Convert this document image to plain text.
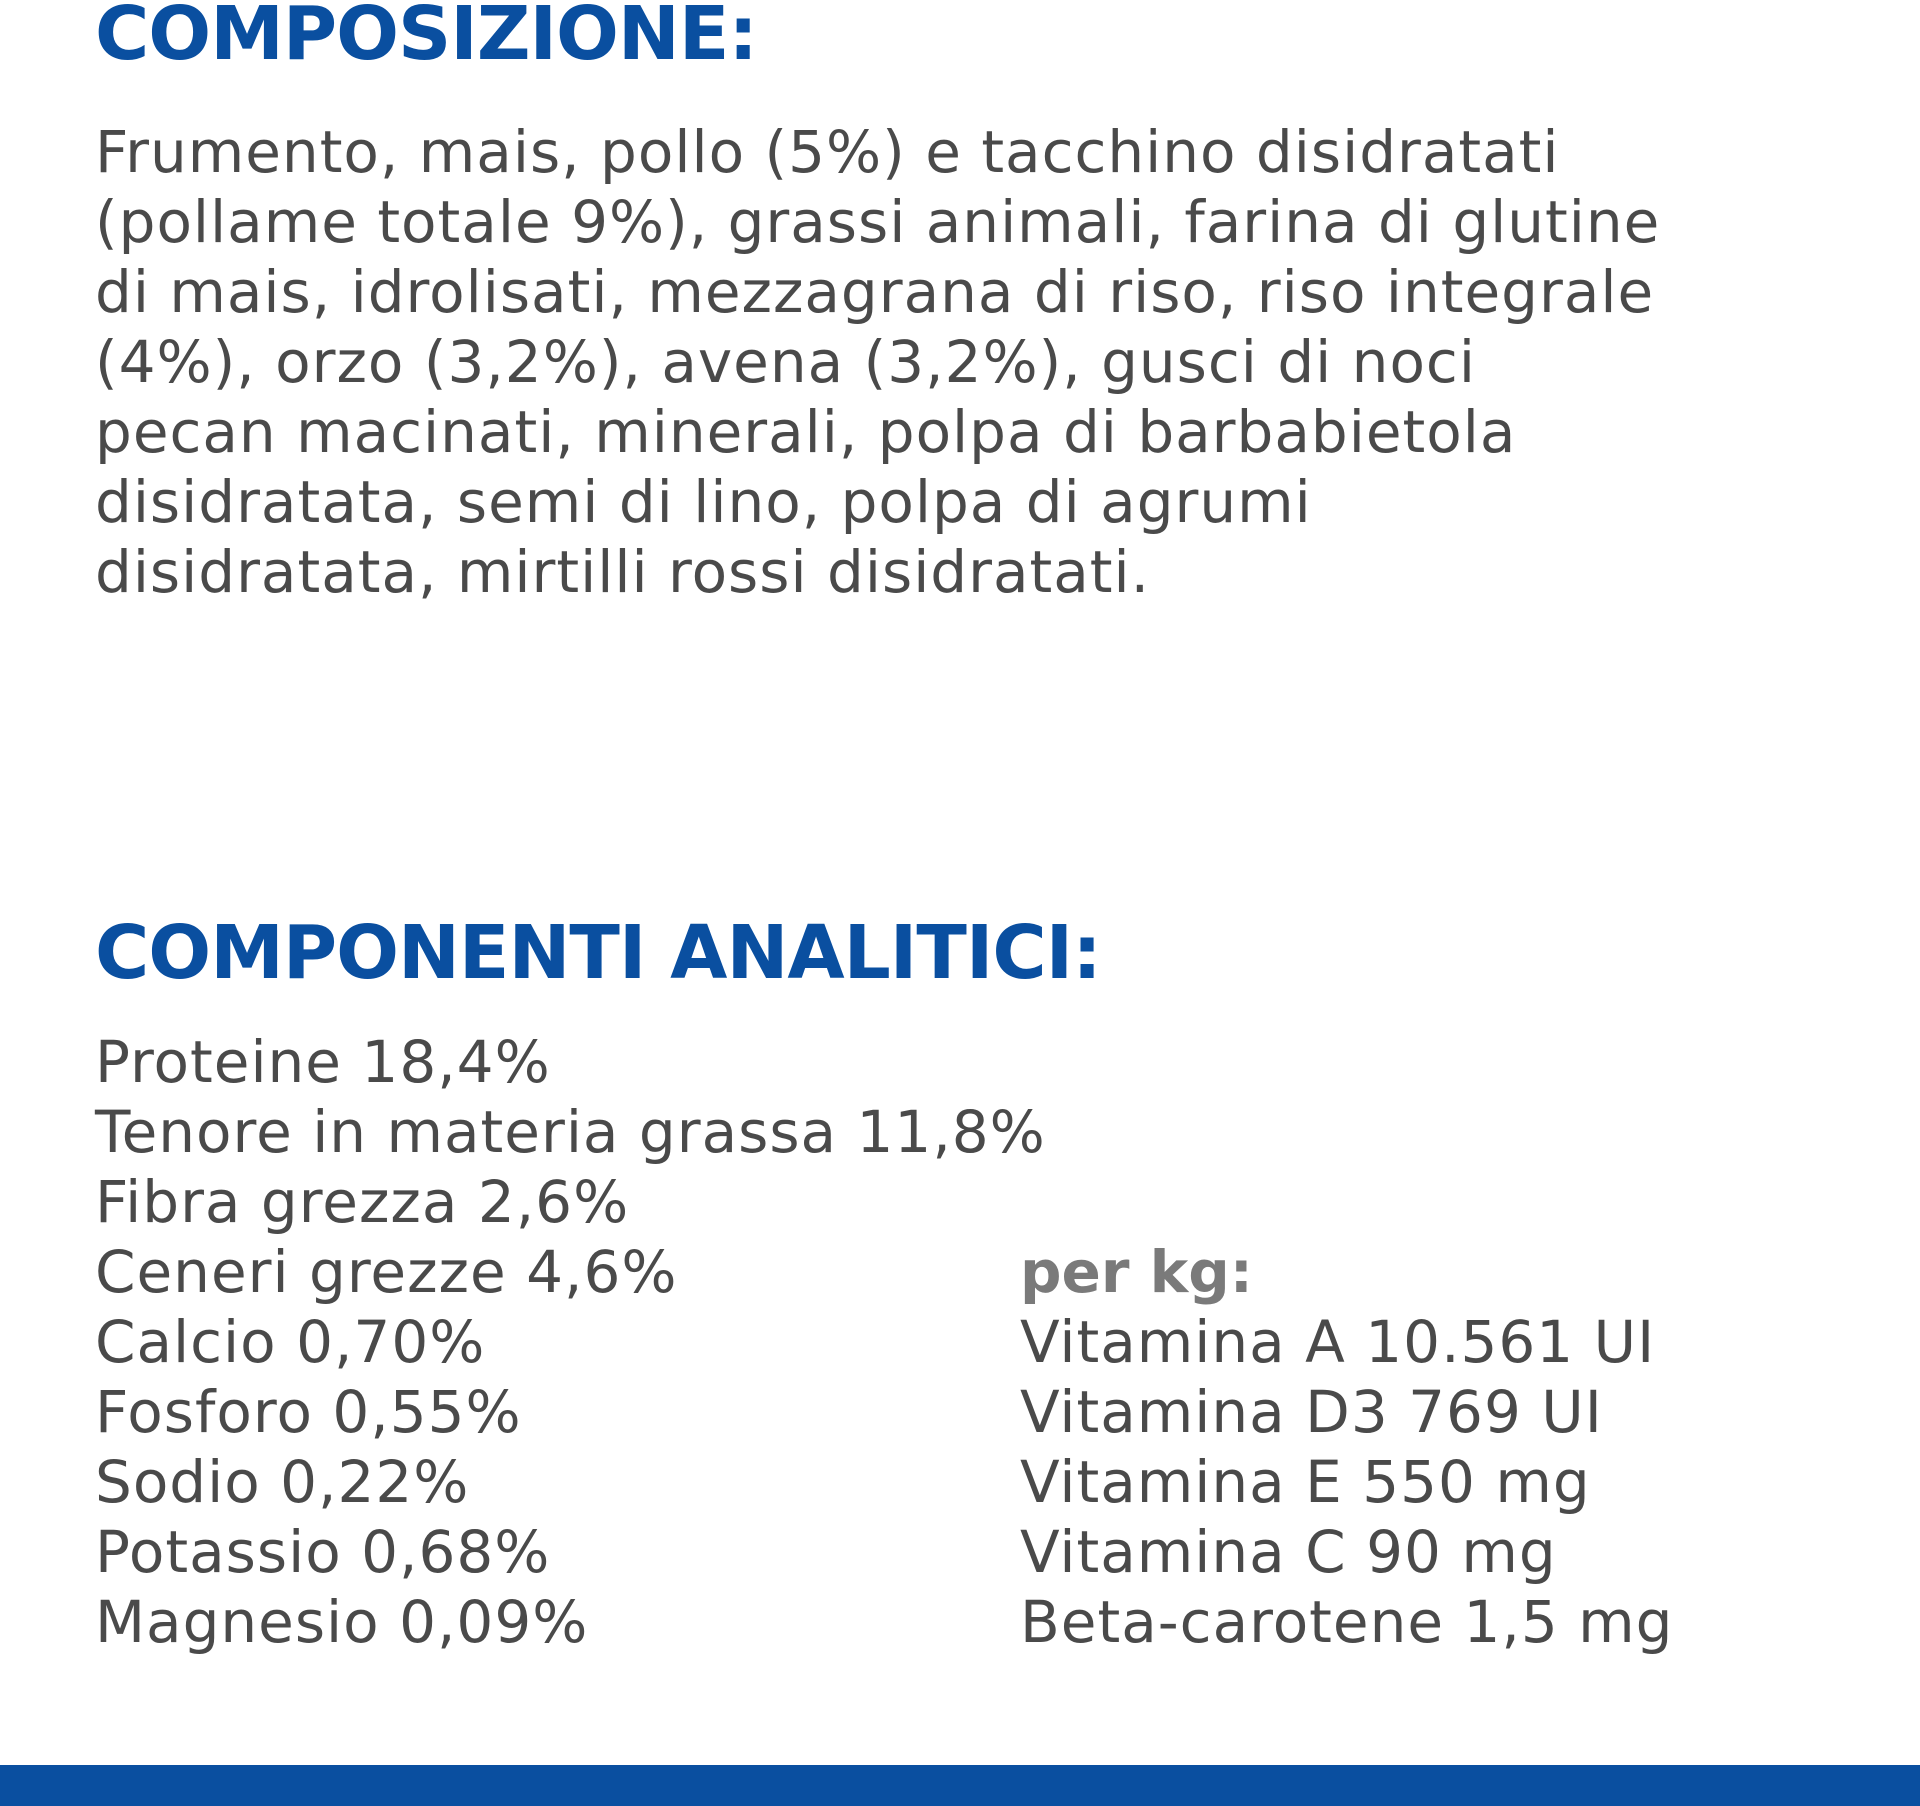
COMPOSIZIONE:
Frumento, mais, pollo (5%) e tacchino disidratati
(pollame totale 9%), grassi animali, farina di glutine
di mais, idrolisati, mezzagrana di riso, riso integrale
(4%), orzo (3,2%), avena (3,2%), gusci di noci
pecan macinati, minerali, polpa di barbabietola
disidratata, semi di lino, polpa di agrumi
disidratata, mirtilli rossi disidratati.
COMPONENTI ANALITICI:
Proteine 18,4%
Tenore in materia grassa 11,8%
Fibra grezza 2,6%
Ceneri grezze 4,6%
Calcio 0,70%
Fosforo 0,55%
Sodio 0,22%
Potassio 0,68%
Magnesio 0,09%
per kg:
Vitamina A 10.561 UI
Vitamina D3 769 UI
Vitamina E 550 mg
Vitamina C 90 mg
Beta-carotene 1,5 mg
